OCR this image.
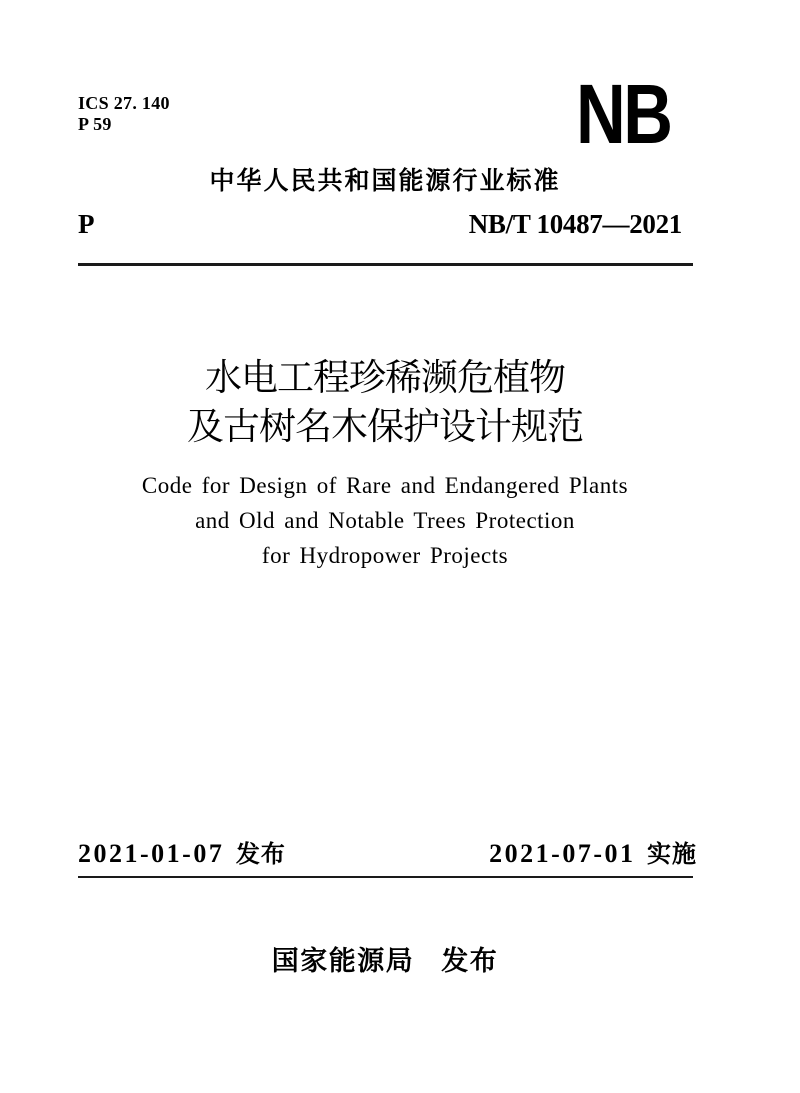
ICS 27. 140
P 59	NB
中华人民共和国能源行业标准
P	NB/T 10487—2021
水电工程珍稀濒危植物
及古树名木保护设计规范
Code for Design of Rare and Endangered Plants
and Old and Notable Trees Protection
for Hydropower Projects
2021-01-07 发布	2021-07-01 实施
国家能源局 发布
